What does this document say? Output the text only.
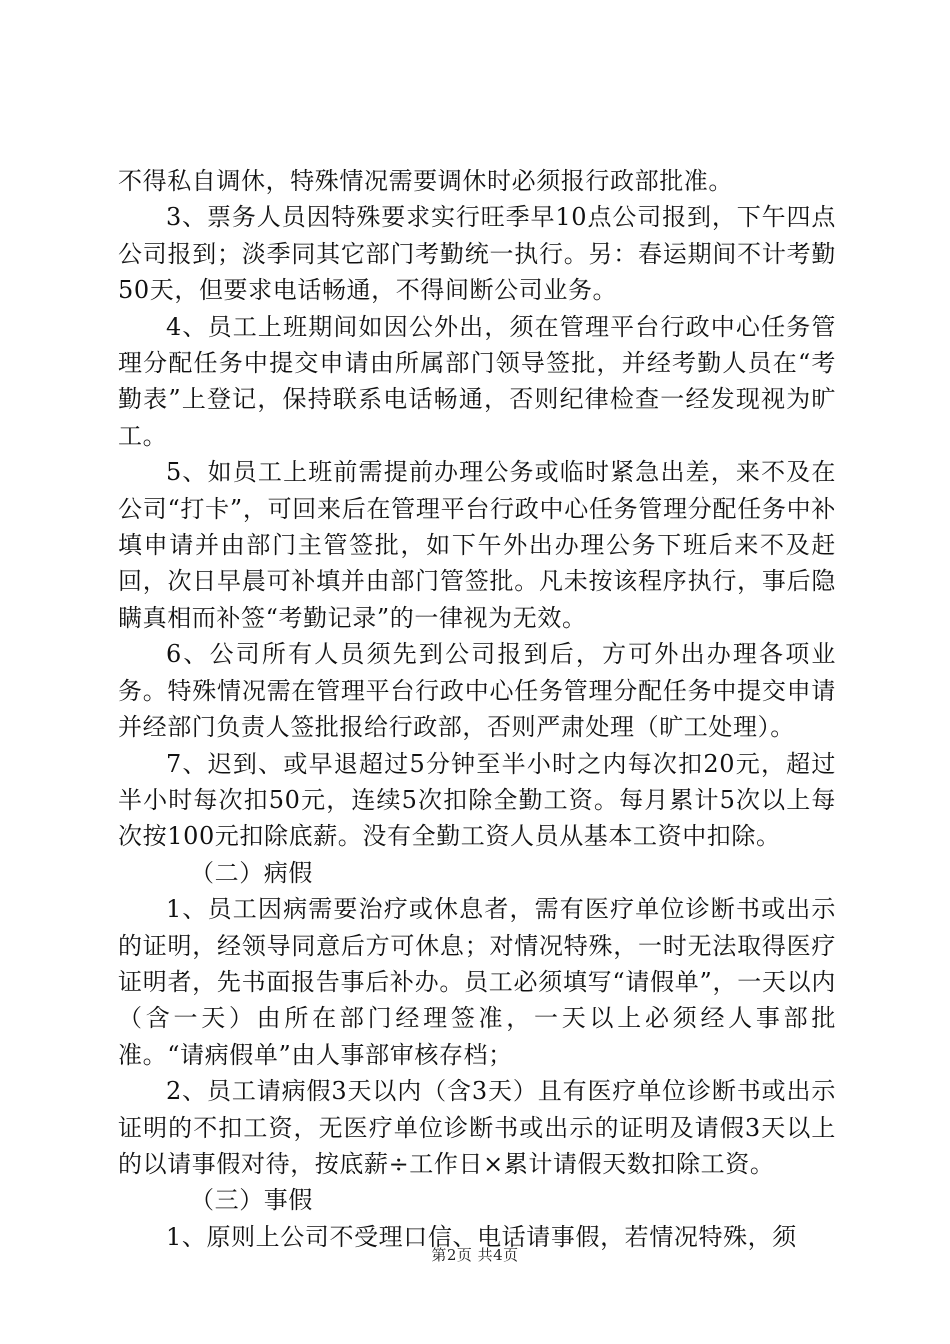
不得私自调休，特殊情况需要调休时必须报行政部批准。

3、票务人员因特殊要求实行旺季早10点公司报到，下午四点公司报到；淡季同其它部门考勤统一执行。另：春运期间不计考勤50天，但要求电话畅通，不得间断公司业务。

4、员工上班期间如因公外出，须在管理平台行政中心任务管理分配任务中提交申请由所属部门领导签批，并经考勤人员在“考勤表”上登记，保持联系电话畅通，否则纪律检查一经发现视为旷工。

5、如员工上班前需提前办理公务或临时紧急出差，来不及在公司“打卡”，可回来后在管理平台行政中心任务管理分配任务中补填申请并由部门主管签批，如下午外出办理公务下班后来不及赶回，次日早晨可补填并由部门管签批。凡未按该程序执行，事后隐瞒真相而补签“考勤记录”的一律视为无效。

6、公司所有人员须先到公司报到后，方可外出办理各项业务。特殊情况需在管理平台行政中心任务管理分配任务中提交申请并经部门负责人签批报给行政部，否则严肃处理（旷工处理）。

7、迟到、或早退超过5分钟至半小时之内每次扣20元，超过半小时每次扣50元，连续5次扣除全勤工资。每月累计5次以上每次按100元扣除底薪。没有全勤工资人员从基本工资中扣除。

（二）病假

1、员工因病需要治疗或休息者，需有医疗单位诊断书或出示的证明，经领导同意后方可休息；对情况特殊，一时无法取得医疗证明者，先书面报告事后补办。员工必须填写“请假单”，一天以内（含一天）由所在部门经理签准，一天以上必须经人事部批准。“请病假单”由人事部审核存档；

2、员工请病假3天以内（含3天）且有医疗单位诊断书或出示证明的不扣工资，无医疗单位诊断书或出示的证明及请假3天以上的以请事假对待，按底薪÷工作日×累计请假天数扣除工资。

（三）事假

1、原则上公司不受理口信、电话请事假，若情况特殊，须

第2页 共4页
